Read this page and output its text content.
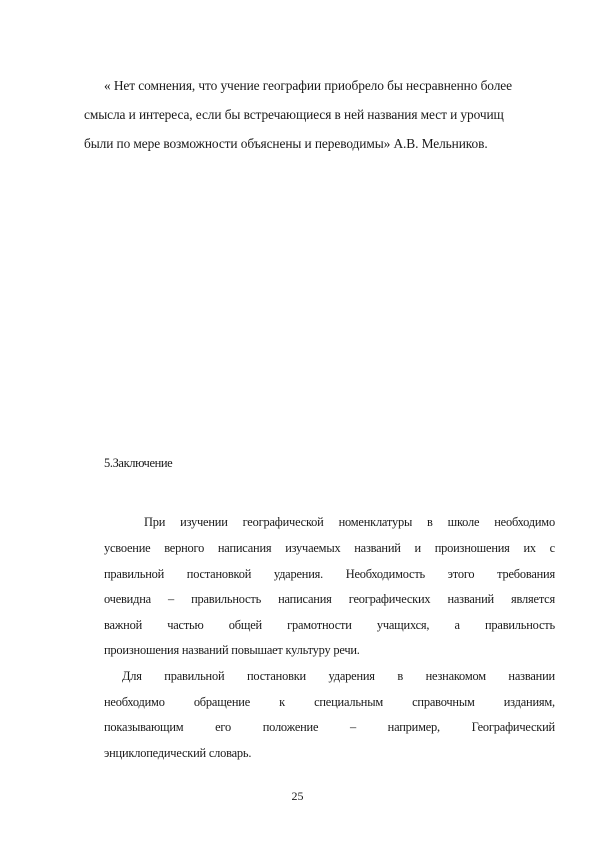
« Нет сомнения, что учение географии приобрело бы несравненно более
смысла и интереса, если бы встречающиеся в ней названия мест и урочищ
были по мере возможности объяснены и переводимы» А.В. Мельников.
5.Заключение
При изучении географической номенклатуры в школе необходимо
усвоение верного написания изучаемых названий и произношения их с
правильной постановкой ударения. Необходимость этого требования
очевидна – правильность написания географических названий является
важной частью общей грамотности учащихся, а правильность
произношения названий повышает культуру речи.
Для правильной постановки ударения в незнакомом названии
необходимо обращение к специальным справочным изданиям,
показывающим	его	положение	–	например,	Географический
энциклопедический словарь.
25
